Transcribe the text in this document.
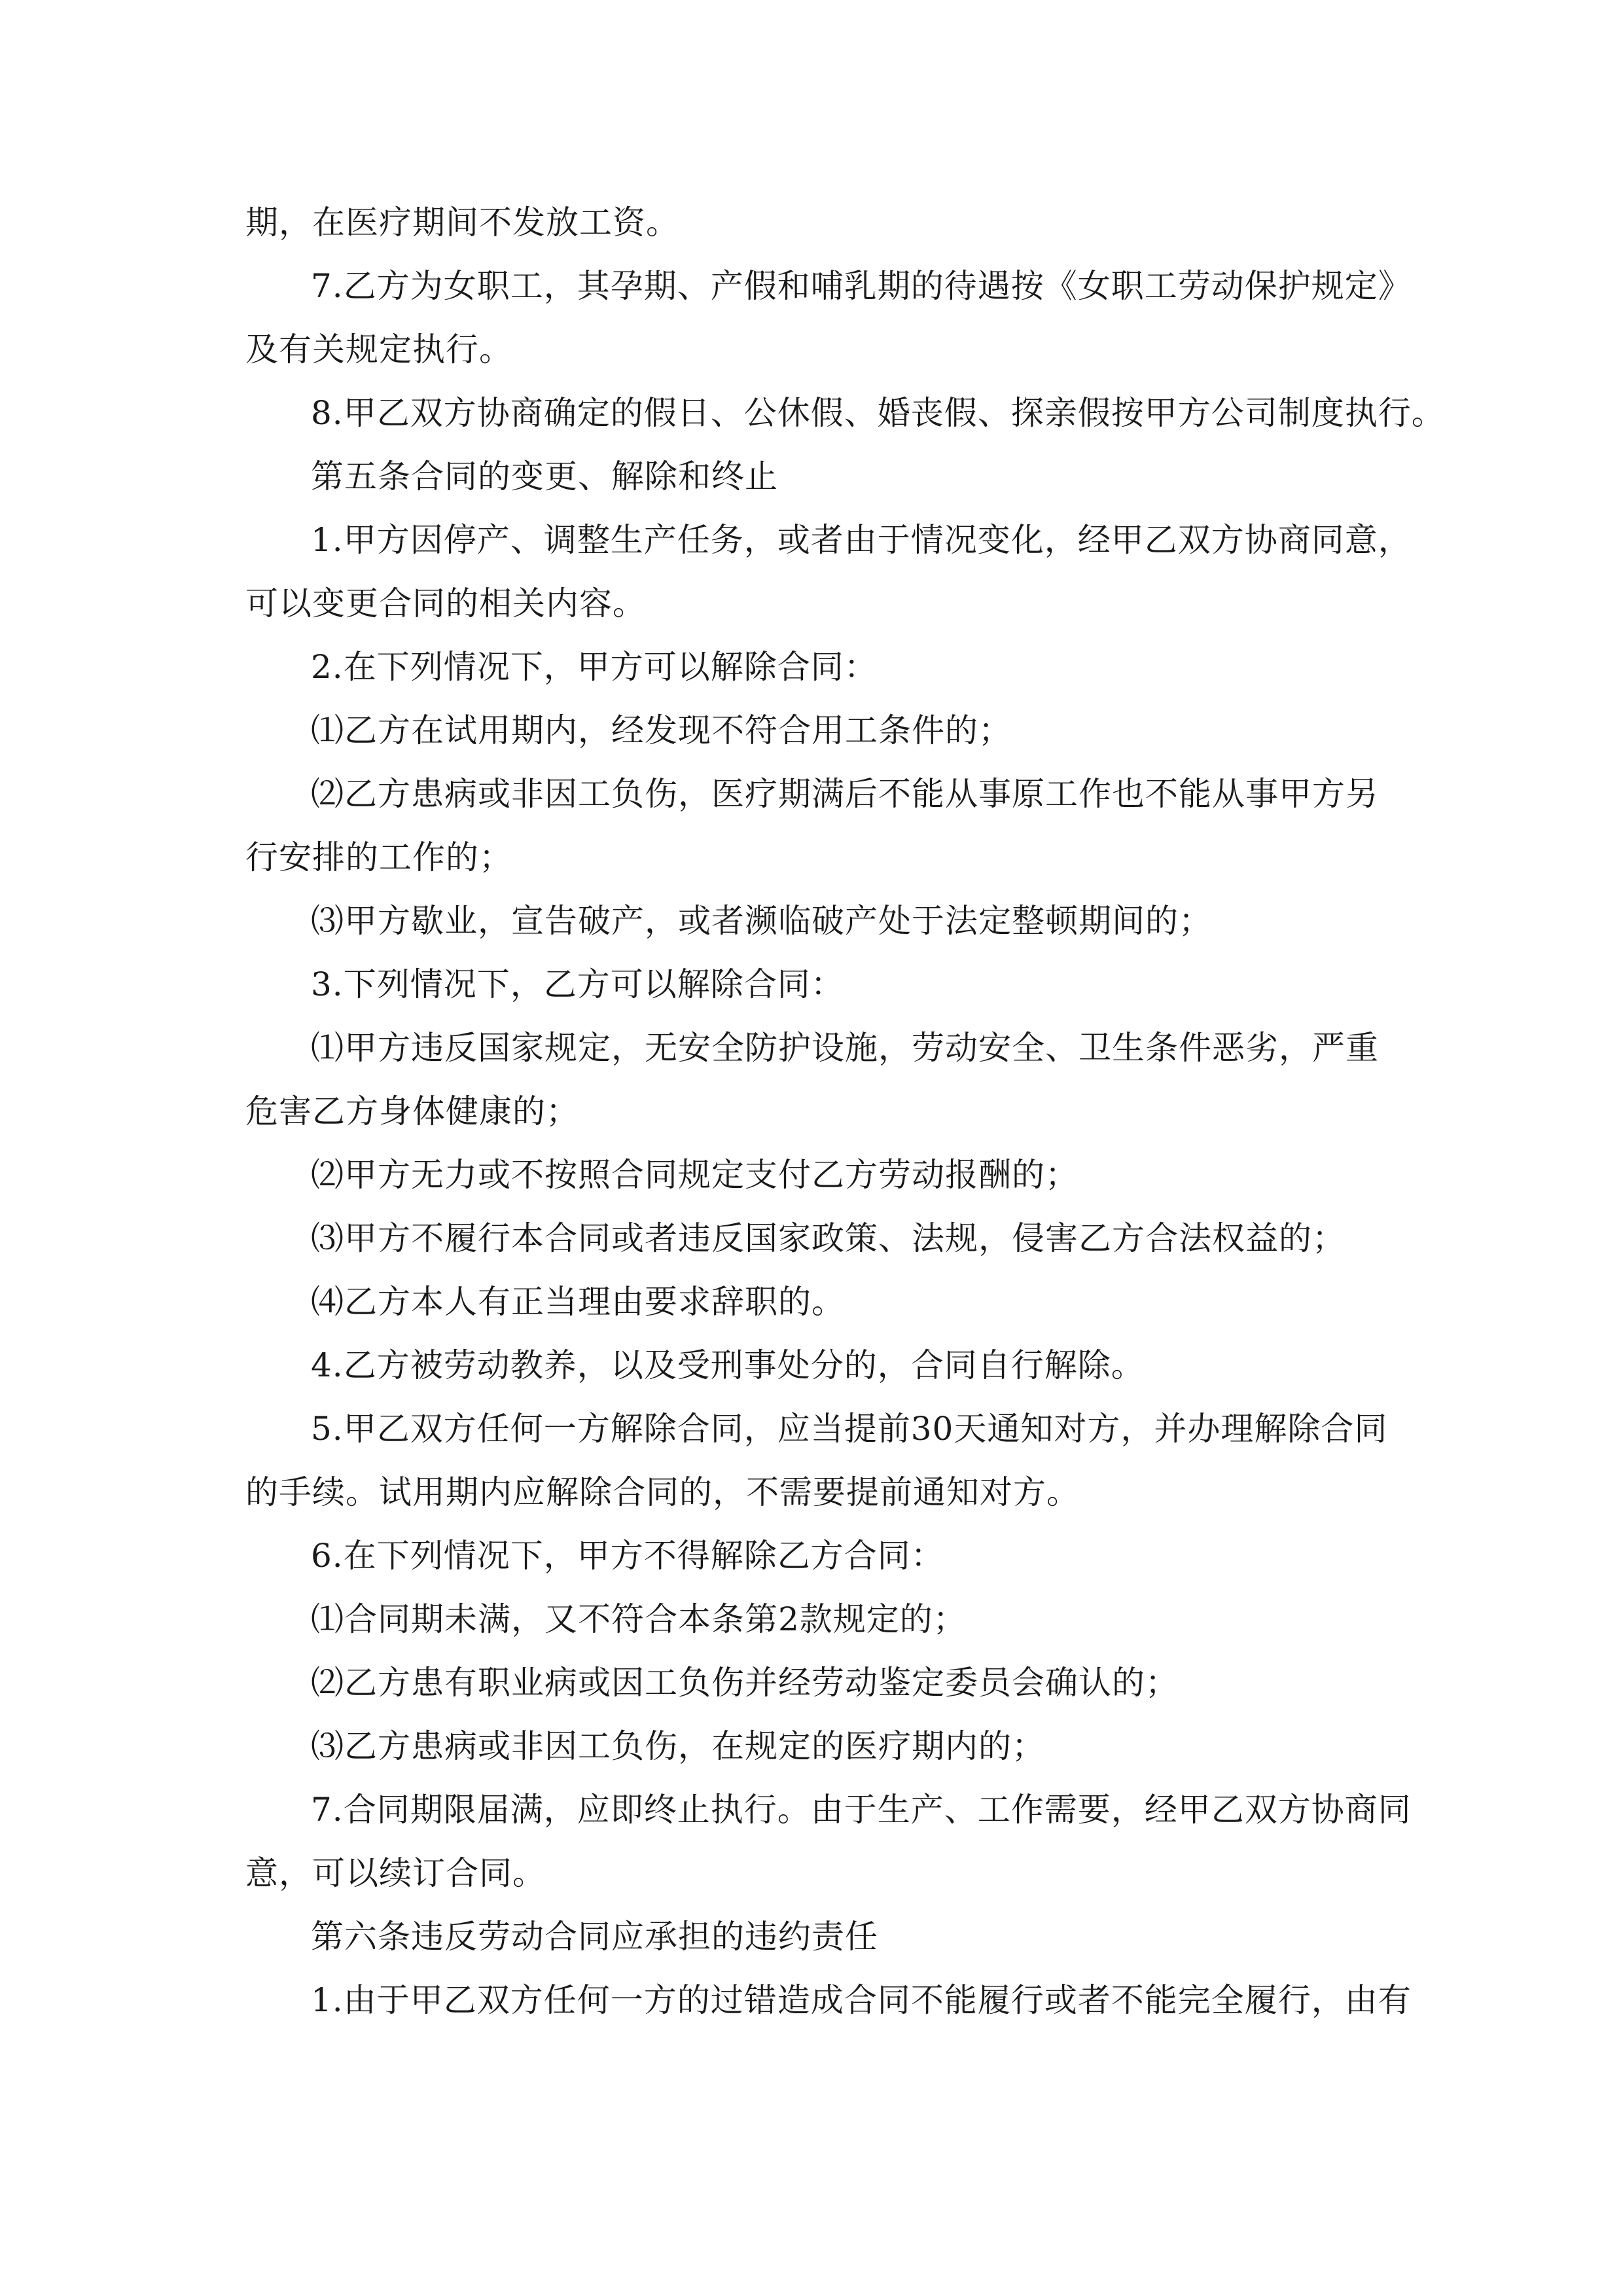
期，在医疗期间不发放工资。
7.乙方为女职工，其孕期、产假和哺乳期的待遇按《女职工劳动保护规定》
及有关规定执行。
8.甲乙双方协商确定的假日、公休假、婚丧假、探亲假按甲方公司制度执行。
第五条合同的变更、解除和终止
1.甲方因停产、调整生产任务，或者由于情况变化，经甲乙双方协商同意，
可以变更合同的相关内容。
2.在下列情况下，甲方可以解除合同：
⑴乙方在试用期内，经发现不符合用工条件的；
⑵乙方患病或非因工负伤，医疗期满后不能从事原工作也不能从事甲方另
行安排的工作的；
⑶甲方歇业，宣告破产，或者濒临破产处于法定整顿期间的；
3.下列情况下，乙方可以解除合同：
⑴甲方违反国家规定，无安全防护设施，劳动安全、卫生条件恶劣，严重
危害乙方身体健康的；
⑵甲方无力或不按照合同规定支付乙方劳动报酬的；
⑶甲方不履行本合同或者违反国家政策、法规，侵害乙方合法权益的；
⑷乙方本人有正当理由要求辞职的。
4.乙方被劳动教养，以及受刑事处分的，合同自行解除。
5.甲乙双方任何一方解除合同，应当提前30天通知对方，并办理解除合同
的手续。试用期内应解除合同的，不需要提前通知对方。
6.在下列情况下，甲方不得解除乙方合同：
⑴合同期未满，又不符合本条第2款规定的；
⑵乙方患有职业病或因工负伤并经劳动鉴定委员会确认的；
⑶乙方患病或非因工负伤，在规定的医疗期内的；
7.合同期限届满，应即终止执行。由于生产、工作需要，经甲乙双方协商同
意，可以续订合同。
第六条违反劳动合同应承担的违约责任
1.由于甲乙双方任何一方的过错造成合同不能履行或者不能完全履行，由有
